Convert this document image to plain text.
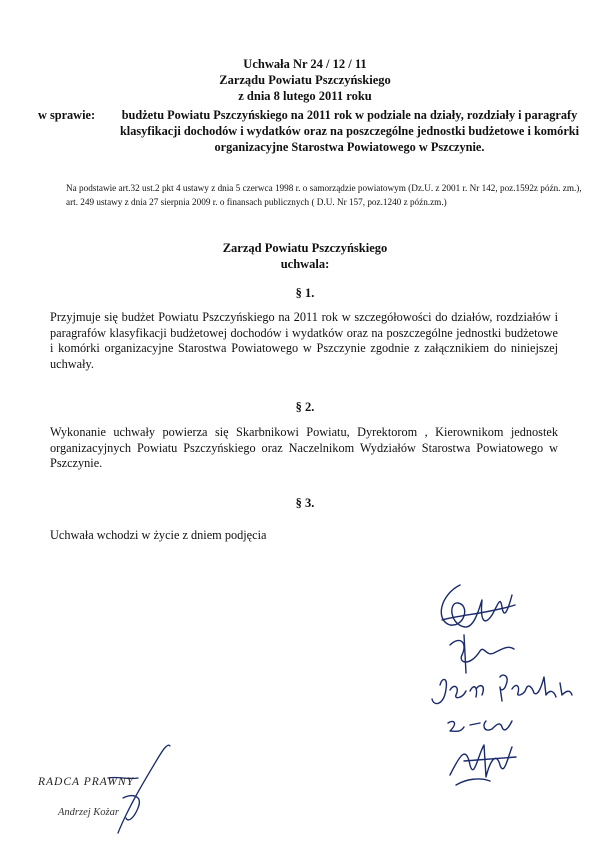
Uchwała Nr 24 / 12 / 11
Zarządu Powiatu Pszczyńskiego
z dnia 8 lutego 2011 roku
w sprawie:	budżetu Powiatu Pszczyńskiego na 2011 rok w podziale na działy, rozdziały i paragrafy klasyfikacji dochodów i wydatków oraz na poszczególne jednostki budżetowe i komórki organizacyjne Starostwa Powiatowego w Pszczynie.
Na podstawie art.32 ust.2 pkt 4 ustawy z dnia 5 czerwca 1998 r. o samorządzie powiatowym (Dz.U. z 2001 r. Nr 142, poz.1592z późn. zm.), art. 249 ustawy z dnia 27 sierpnia 2009 r. o finansach publicznych ( D.U. Nr 157, poz.1240 z późn.zm.)
Zarząd Powiatu Pszczyńskiego
uchwala:
§ 1.
Przyjmuje się budżet Powiatu Pszczyńskiego na 2011 rok w szczegółowości do działów, rozdziałów i paragrafów klasyfikacji budżetowej dochodów i wydatków oraz na poszczególne jednostki budżetowe i komórki organizacyjne Starostwa Powiatowego w Pszczynie zgodnie z załącznikiem do niniejszej uchwały.
§ 2.
Wykonanie uchwały powierza się Skarbnikowi Powiatu, Dyrektorom , Kierownikom jednostek organizacyjnych Powiatu Pszczyńskiego oraz Naczelnikom Wydziałów Starostwa Powiatowego w Pszczynie.
§ 3.
Uchwała wchodzi w życie z dniem podjęcia
RADCA PRAWNY
Andrzej Kożar
